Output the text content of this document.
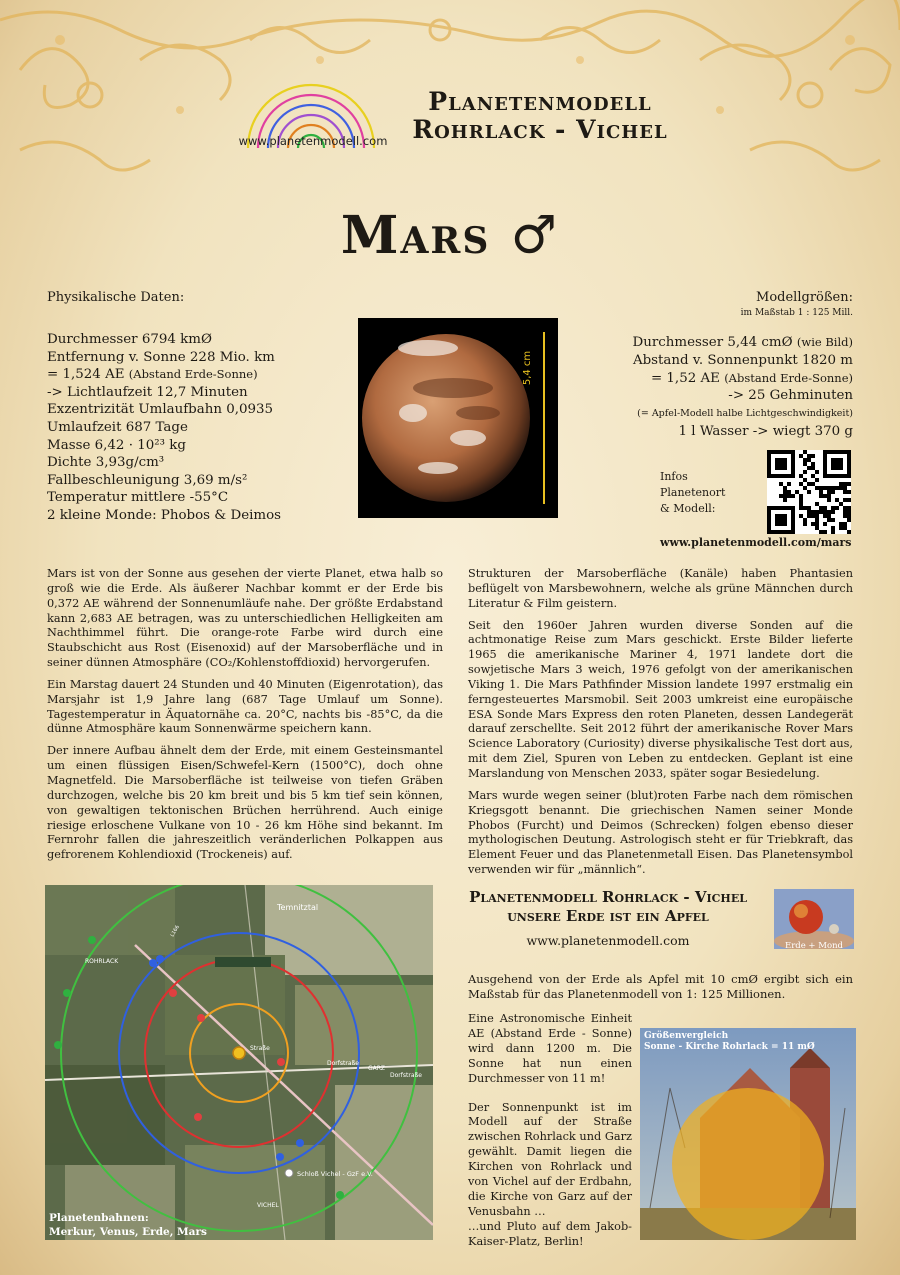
www.planetenmodell.com
Planetenmodell
Rohrlack - Vichel
Mars ♂
Physikalische Daten:
Durchmesser 6794 kmØ
Entfernung v. Sonne 228 Mio. km
= 1,524 AE (Abstand Erde-Sonne)
-> Lichtlaufzeit 12,7 Minuten
Exzentrizität Umlaufbahn 0,0935
Umlaufzeit 687 Tage
Masse 6,42 · 10²³ kg
Dichte 3,93g/cm³
Fallbeschleunigung 3,69 m/s²
Temperatur mittlere -55°C
2 kleine Monde: Phobos & Deimos
5,4 cm
Modellgrößen:
im Maßstab 1 : 125 Mill.
Durchmesser 5,44 cmØ (wie Bild)
Abstand v. Sonnenpunkt 1820 m
= 1,52 AE (Abstand Erde-Sonne)
-> 25 Gehminuten
(= Apfel-Modell halbe Lichtgeschwindigkeit)
1 l Wasser -> wiegt 370 g
Infos
Planetenort
& Modell:
www.planetenmodell.com/mars

Mars ist von der Sonne aus gesehen der vierte Planet, etwa halb so groß wie die Erde. Als äußerer Nachbar kommt er der Erde bis 0,372 AE während der Sonnenumläufe nahe. Der größte Erdabstand kann 2,683 AE betragen, was zu unterschiedlichen Helligkeiten am Nachthimmel führt. Die orange-rote Farbe wird durch eine Staubschicht aus Rost (Eisenoxid) auf der Marsoberfläche und in seiner dünnen Atmosphäre (CO₂/Kohlenstoffdioxid) hervorgerufen.

Ein Marstag dauert 24 Stunden und 40 Minuten (Eigenrotation), das Marsjahr ist 1,9 Jahre lang (687 Tage Umlauf um Sonne). Tagestemperatur in Äquatornähe ca. 20°C, nachts bis -85°C, da die dünne Atmosphäre kaum Sonnenwärme speichern kann.

Der innere Aufbau ähnelt dem der Erde, mit einem Gesteinsmantel um einen flüssigen Eisen/Schwefel-Kern (1500°C), doch ohne Magnetfeld. Die Marsoberfläche ist teilweise von tiefen Gräben durchzogen, welche bis 20 km breit und bis 5 km tief sein können, von gewaltigen tektonischen Brüchen herrührend. Auch einige riesige erloschene Vulkane von 10 - 26 km Höhe sind bekannt. Im Fernrohr fallen die jahreszeitlich veränderlichen Polkappen aus gefrorenem Kohlendioxid (Trockeneis) auf.

Strukturen der Marsoberfläche (Kanäle) haben Phantasien beflügelt von Marsbewohnern, welche als grüne Männchen durch Literatur & Film geistern.

Seit den 1960er Jahren wurden diverse Sonden auf die achtmonatige Reise zum Mars geschickt. Erste Bilder lieferte 1965 die amerikanische Mariner 4, 1971 landete dort die sowjetische Mars 3 weich, 1976 gefolgt von der amerikanischen Viking 1. Die Mars Pathfinder Mission landete 1997 erstmalig ein ferngesteuertes Marsmobil. Seit 2003 umkreist eine europäische ESA Sonde Mars Express den roten Planeten, dessen Landegerät darauf zerschellte. Seit 2012 führt der amerikanische Rover Mars Science Laboratory (Curiosity) diverse physikalische Test dort aus, mit dem Ziel, Spuren von Leben zu entdecken. Geplant ist eine Marslandung von Menschen 2033, später sogar Besiedelung.

Mars wurde wegen seiner (blut)roten Farbe nach dem römischen Kriegsgott benannt. Die griechischen Namen seiner Monde Phobos (Furcht) und Deimos (Schrecken) folgen ebenso dieser mythologischen Deutung. Astrologisch steht er für Triebkraft, das Element Feuer und das Planetenmetall Eisen. Das Planetensymbol verwenden wir für „männlich“.

Temnitztal
ROHRLACK
VICHEL
GARZ
Straße
Dorfstraße
Dorfstraße
L166
Schloß Vichel - GzF e.V.
Planetenbahnen:
Merkur, Venus, Erde, Mars
Planetenmodell Rohrlack - Vichel
unsere Erde ist ein Apfel
www.planetenmodell.com	Erde + Mond
Ausgehend von der Erde als Apfel mit 10 cmØ ergibt sich ein Maßstab für das Planetenmodell von 1: 125 Millionen.

Eine Astronomische Einheit AE (Abstand Erde - Sonne) wird dann 1200 m. Die Sonne hat nun einen Durchmesser von 11 m!

Der Sonnenpunkt ist im Modell auf der Straße zwischen Rohrlack und Garz gewählt. Damit liegen die Kirchen von Rohrlack und von Vichel auf der Erdbahn, die Kirche von Garz auf der Venusbahn …

…und Pluto auf dem Jakob-Kaiser-Platz, Berlin!

Größenvergleich
Sonne - Kirche Rohrlack = 11 mØ
